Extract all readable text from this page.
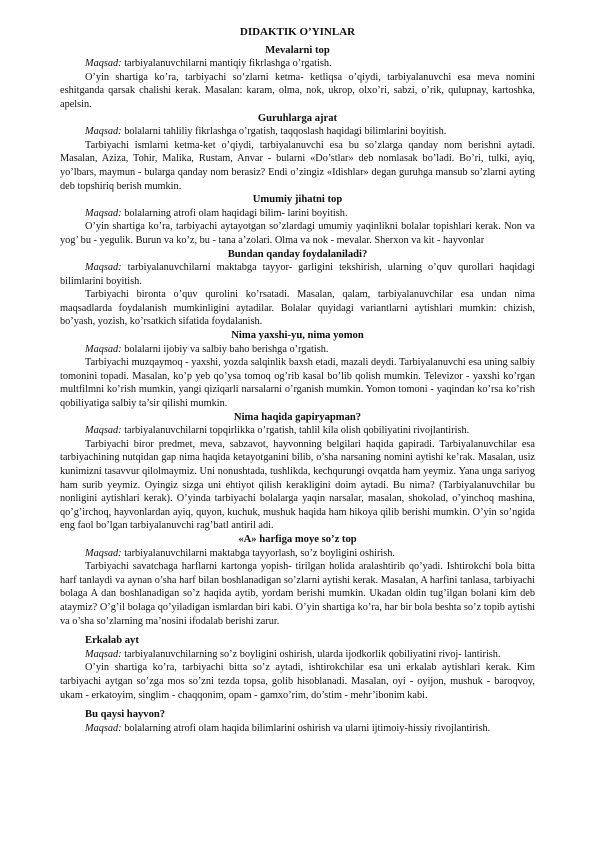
DIDAKTIK O’YINLAR
Mevalarni top

Maqsad: tarbiyalanuvchilarni mantiqiy fikrlashga o’rgatish.

O’yin shartiga ko’ra, tarbiyachi so’zlarni ketma- ketliqsa o’qiydi, tarbiyalanuvchi esa meva nomini eshitganda qarsak chalishi kerak. Masalan: karam, olma, nok, ukrop, olxo’ri, sabzi, o’rik, qulupnay, kartoshka, apelsin.

Guruhlarga ajrat

Maqsad: bolalarni tahliliy fikrlashga o’rgatish, taqqoslash haqidagi bilimlarini boyitish.

Tarbiyachi ismlarni ketma-ket o’qiydi, tarbiyalanuvchi esa bu so’zlarga qanday nom berishni aytadi. Masalan, Aziza, Tohir, Malika, Rustam, Anvar - bularni «Do’stlar» deb nomlasak bo’ladi. Bo’ri, tulki, ayiq, yo’lbars, maymun - bularga qanday nom berasiz? Endi o’zingiz «Idishlar» degan guruhga mansub so’zlarni ayting deb topshiriq berish mumkin.

Umumiy jihatni top

Maqsad: bolalarning atrofi olam haqidagi bilim- larini boyitish.

O’yin shartiga ko’ra, tarbiyachi aytayotgan so’zlardagi umumiy yaqinlikni bolalar topishlari kerak. Non va yog’ bu - yegulik. Burun va ko’z, bu - tana a’zolari. Olma va nok - mevalar. Sherxon va kit - hayvonlar

Bundan qanday foydalaniladi?

Maqsad: tarbiyalanuvchilarni maktabga tayyor- garligini tekshirish, ularning o’quv qurollari haqidagi bilimlarini boyitish.

Tarbiyachi bironta o’quv qurolini ko’rsatadi. Masalan, qalam, tarbiyalanuvchilar esa undan nima maqsadlarda foydalanish mumkinligini aytadilar. Bolalar quyidagi variantlarni aytishlari mumkin: chizish, bo’yash, yozish, ko’rsatkich sifatida foydalanish.

Nima yaxshi-yu, nima yomon

Maqsad: bolalarni ijobiy va salbiy baho berishga o’rgatish.

Tarbiyachi muzqaymoq - yaxshi, yozda salqinlik baxsh etadi, mazali deydi. Tarbiyalanuvchi esa uning salbiy tomonini topadi. Masalan, ko’p yeb qo’ysa tomoq og’rib kasal bo’lib qolish mumkin. Televizor - yaxshi ko’rgan multfilmni ko’rish mumkin, yangi qiziqarli narsalarni o’rganish mumkin. Yomon tomoni - yaqindan ko’rsa ko’rish qobiliyatiga salbiy ta’sir qilishi mumkin.

Nima haqida gapiryapman?

Maqsad: tarbiyalanuvchilarni topqirlikka o’rgatish, tahlil kila olish qobiliyatini rivojlantirish.

Tarbiyachi biror predmet, meva, sabzavot, hayvonning belgilari haqida gapiradi. Tarbiyalanuvchilar esa tarbiyachining nutqidan gap nima haqida ketayotganini bilib, o’sha narsaning nomini aytishi ke’rak. Masalan, usiz kunimizni tasavvur qilolmaymiz. Uni nonushtada, tushlikda, kechqurungi ovqatda ham yeymiz. Yana unga sariyog ham surib yeymiz. Oyingiz sizga uni ehtiyot qilish kerakligini doim aytadi. Bu nima? (Tarbiyalanuvchilar bu nonligini aytishlari kerak). O’yinda tarbiyachi bolalarga yaqin narsalar, masalan, shokolad, o’yinchoq mashina, qo’g’irchoq, hayvonlardan ayiq, quyon, kuchuk, mushuk haqida ham hikoya qilib berishi mumkin. O’yin so’ngida eng faol bo’lgan tarbiyalanuvchi rag’batl antiril adi.

«A» harfiga moye so’z top

Maqsad: tarbiyalanuvchilarni maktabga tayyorlash, so’z boyligini oshirish.

Tarbiyachi savatchaga harflarni kartonga yopish- tirilgan holida aralashtirib qo’yadi. Ishtirokchi bola bitta harf tanlaydi va aynan o’sha harf bilan boshlanadigan so’zlarni aytishi kerak. Masalan, A harfini tanlasa, tarbiyachi bolaga A dan boshlanadigan so’z haqida aytib, yordam berishi mumkin. Ukadan oldin tug’ilgan bolani kim deb ataymiz? O’g’il bolaga qo’yiladigan ismlardan biri kabi. O’yin shartiga ko’ra, har bir bola beshta so’z topib aytishi va o’sha so’zlarning ma’nosini ifodalab berishi zarur.

Erkalab ayt

Maqsad: tarbiyalanuvchilarning so’z boyligini oshirish, ularda ijodkorlik qobiliyatini rivoj- lantirish.

O’yin shartiga ko’ra, tarbiyachi bitta so’z aytadi, ishtirokchilar esa uni erkalab aytishlari kerak. Kim tarbiyachi aytgan so’zga mos so’zni tezda topsa, golib hisoblanadi. Masalan, oyi - oyijon, mushuk - baroqvoy, ukam - erkatoyim, singlim - chaqqonim, opam - gamxo’rim, do’stim - mehr’ibonim kabi.

Bu qaysi hayvon?

Maqsad: bolalarning atrofi olam haqida bilimlarini oshirish va ularni ijtimoiy-hissiy rivojlantirish.
